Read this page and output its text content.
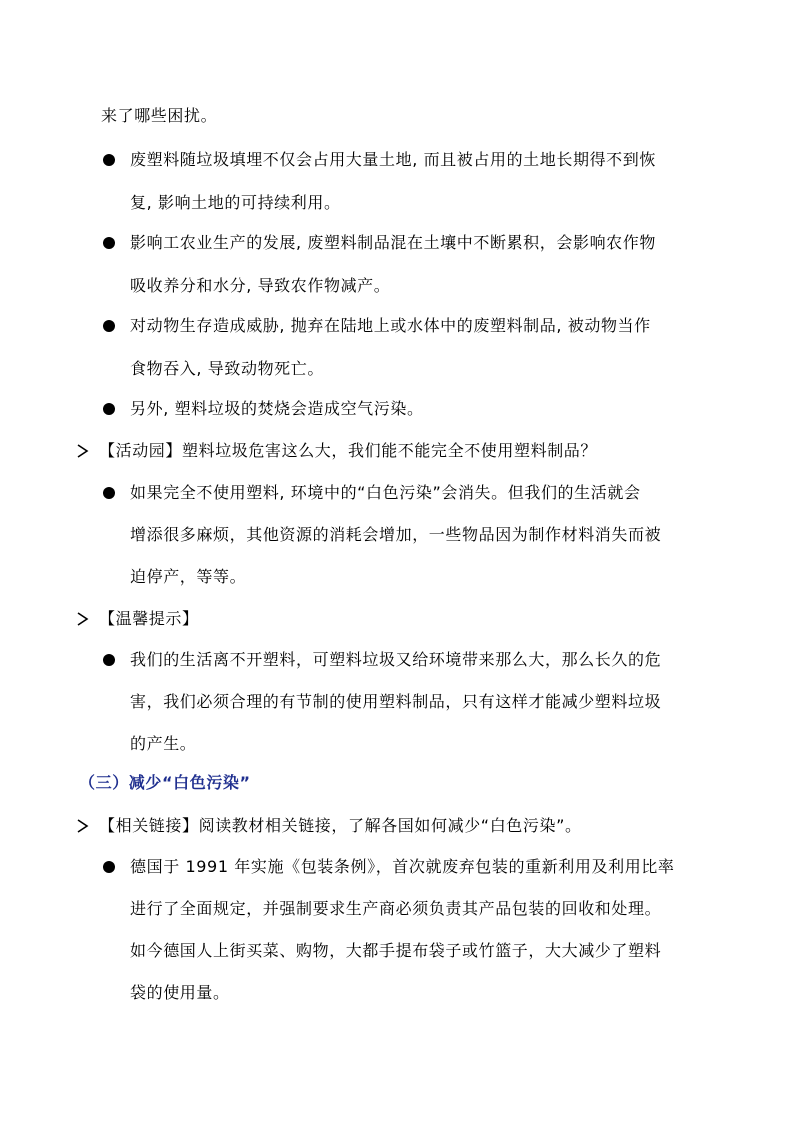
来了哪些困扰。
废塑料随垃圾填埋不仅会占用大量土地, 而且被占用的土地长期得不到恢
复, 影响土地的可持续利用。
影响工农业生产的发展, 废塑料制品混在土壤中不断累积，会影响农作物
吸收养分和水分, 导致农作物减产。
对动物生存造成威胁, 抛弃在陆地上或水体中的废塑料制品, 被动物当作
食物吞入, 导致动物死亡。
另外, 塑料垃圾的焚烧会造成空气污染。
【活动园】塑料垃圾危害这么大，我们能不能完全不使用塑料制品？
如果完全不使用塑料, 环境中的“白色污染”会消失。但我们的生活就会
增添很多麻烦，其他资源的消耗会增加，一些物品因为制作材料消失而被
迫停产，等等。
【温馨提示】
我们的生活离不开塑料，可塑料垃圾又给环境带来那么大，那么长久的危
害，我们必须合理的有节制的使用塑料制品，只有这样才能减少塑料垃圾
的产生。
（三）减少“白色污染”
【相关链接】阅读教材相关链接，了解各国如何减少“白色污染”。
德国于 1991 年实施《包装条例》，首次就废弃包装的重新利用及利用比率
进行了全面规定，并强制要求生产商必须负责其产品包装的回收和处理。
如今德国人上街买菜、购物，大都手提布袋子或竹篮子，大大减少了塑料
袋的使用量。
